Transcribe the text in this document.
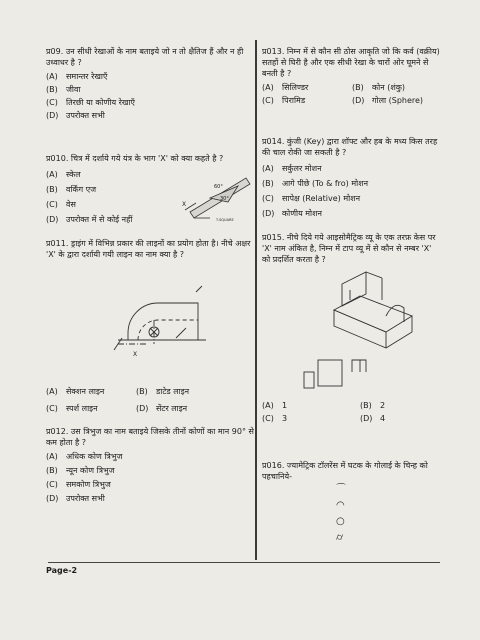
प्र09. उन सीधी रेखाओं के नाम बताइये जो न तो क्षैतिज हैं और न ही उध्वाधर है ?

(A) समान्तर रेखाएँ
(B) जीवा
(C) तिरछी या कोणीय रेखाएँ
(D) उपरोक्त सभी

प्र010. चित्र में दर्शाये गये यंत्र के भाग 'X' को क्या कहते है ?

(A) स्केल
(B) वर्किंग एज
(C) वेस
(D) उपरोक्त में से कोई नहीं
60°
30°
X
T-SQUARE

प्र011. ड्राइंग में विभिन्न प्रकार की लाइनों का प्रयोग होता है। नीचे अक्षर 'X' के द्वारा दर्शायी गयी लाइन का नाम क्या है ?

X
(A) सेक्शन लाइन	(B) डाटेड लाइन
(C) स्पर्श लाइन	(D) सेंटर लाइन

प्र012. उस त्रिभुज का नाम बताइये जिसके तीनों कोणों का मान 90° से कम होता है ?

(A) अधिक कोण त्रिभुज
(B) न्यून कोण त्रिभुज
(C) समकोण त्रिभुज
(D) उपरोक्त सभी

प्र013. निम्न में से कौन सी ठोस आकृति जो कि कर्व (वक्रीय) सतहों से घिरी है और एक सीधी रेखा के चारों ओर घूमने से बनती है ?

(A) सिलिण्डर	(B) कोन (शंकु)
(C) पिरामिड	(D) गोला (Sphere)

प्र014. कुंजी (Key) द्वारा शॉफ्ट और हब के मध्य किस तरह की चाल रोकी जा सकती है ?

(A) सर्कुलर मोशन
(B) आगे पीछे (To & fro) मोशन
(C) सापेक्ष (Relative) मोशन
(D) कोणीय मोशन

प्र015. नीचे दिये गये आइसोमैट्रिक व्यू के एक तरफ़ केस पर 'X' नाम अंकित है, निम्न में टाप व्यू में से कौन से नम्बर 'X' को प्रदर्शित करता है ?

(A) 1	(B) 2
(C) 3	(D) 4

प्र016. ज्यामेट्रिक टॉलरेंस में घटक के गोलाई के चिन्ह को पहचानिये-

⌒
◠
○
⌭
Page-2
